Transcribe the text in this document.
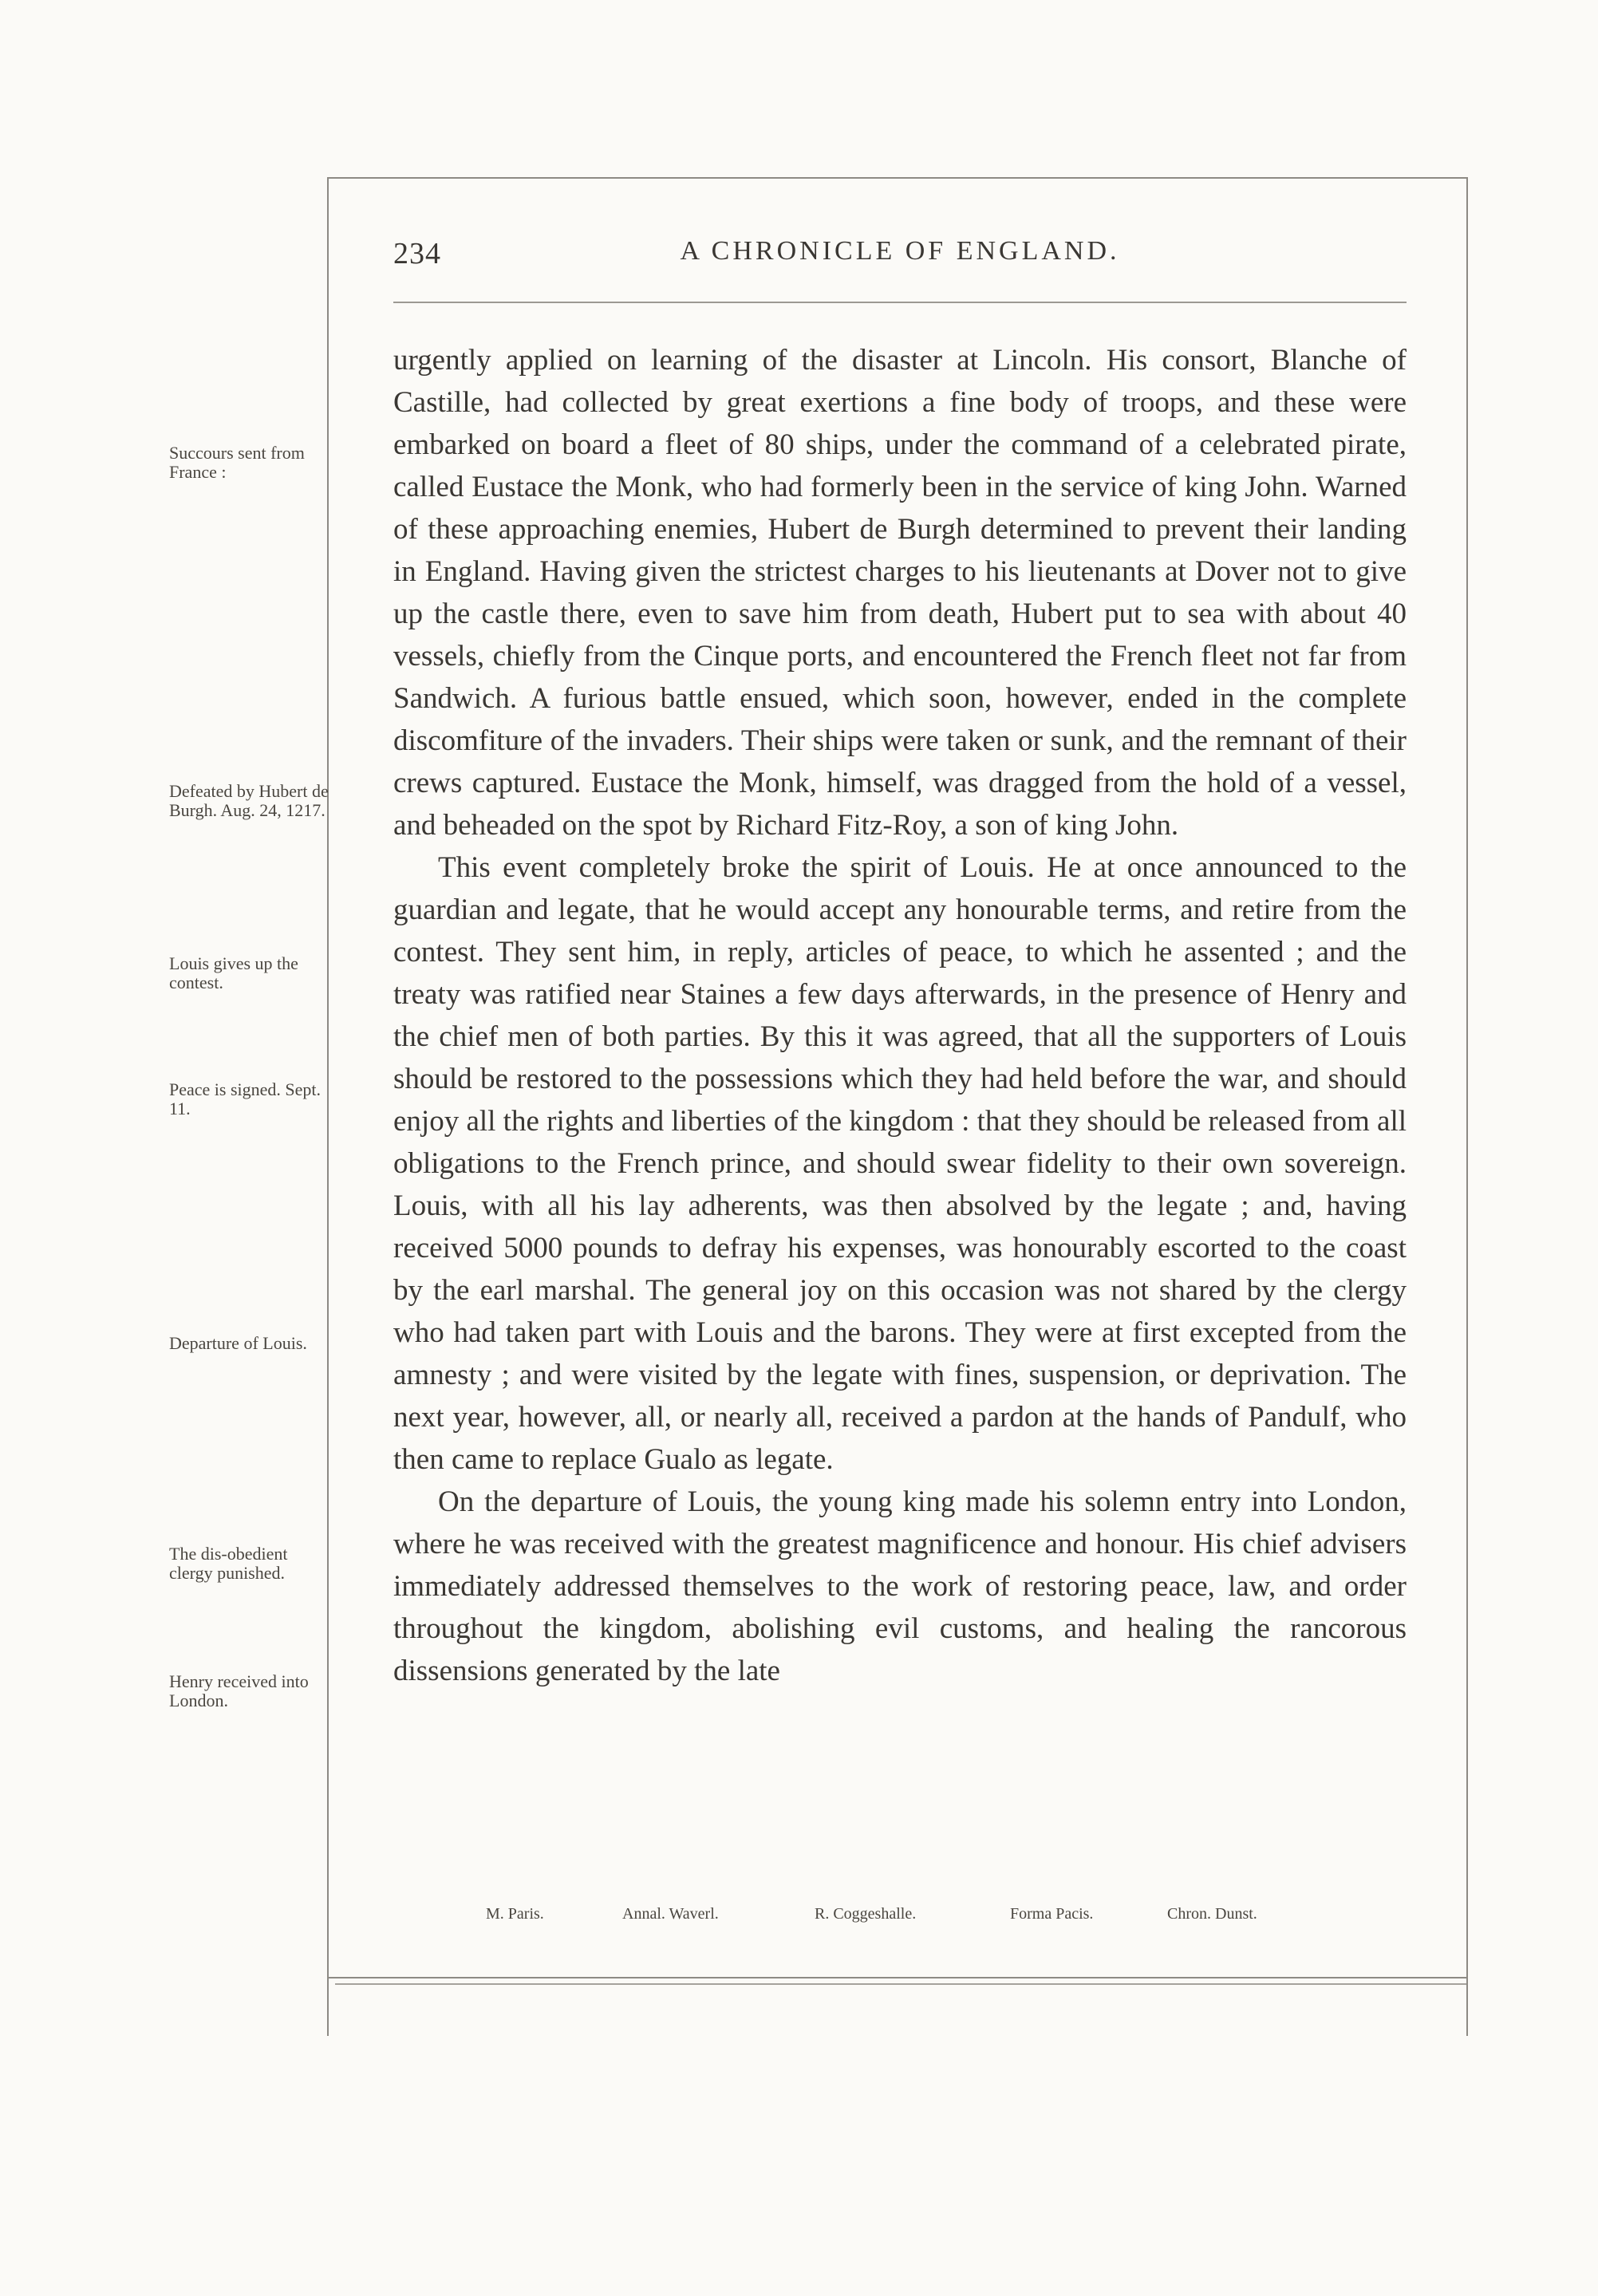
234	A CHRONICLE OF ENGLAND.
Succours sent from France :
Defeated by Hubert de Burgh. Aug. 24, 1217.
Louis gives up the contest.
Peace is signed. Sept. 11.
Departure of Louis.
The dis-obedient clergy punished.
Henry received into London.

urgently applied on learning of the disaster at Lincoln. His consort, Blanche of Castille, had collected by great exertions a fine body of troops, and these were embarked on board a fleet of 80 ships, under the command of a celebrated pirate, called Eustace the Monk, who had formerly been in the service of king John. Warned of these approaching enemies, Hubert de Burgh determined to prevent their landing in England. Having given the strictest charges to his lieutenants at Dover not to give up the castle there, even to save him from death, Hubert put to sea with about 40 vessels, chiefly from the Cinque ports, and encountered the French fleet not far from Sandwich. A furious battle ensued, which soon, however, ended in the complete discomfiture of the invaders. Their ships were taken or sunk, and the remnant of their crews captured. Eustace the Monk, himself, was dragged from the hold of a vessel, and beheaded on the spot by Richard Fitz-Roy, a son of king John.

This event completely broke the spirit of Louis. He at once announced to the guardian and legate, that he would accept any honourable terms, and retire from the contest. They sent him, in reply, articles of peace, to which he assented ; and the treaty was ratified near Staines a few days afterwards, in the presence of Henry and the chief men of both parties. By this it was agreed, that all the supporters of Louis should be restored to the possessions which they had held before the war, and should enjoy all the rights and liberties of the kingdom : that they should be released from all obligations to the French prince, and should swear fidelity to their own sovereign. Louis, with all his lay adherents, was then absolved by the legate ; and, having received 5000 pounds to defray his expenses, was honourably escorted to the coast by the earl marshal. The general joy on this occasion was not shared by the clergy who had taken part with Louis and the barons. They were at first excepted from the amnesty ; and were visited by the legate with fines, suspension, or deprivation. The next year, however, all, or nearly all, received a pardon at the hands of Pandulf, who then came to replace Gualo as legate.

On the departure of Louis, the young king made his solemn entry into London, where he was received with the greatest magnificence and honour. His chief advisers immediately addressed themselves to the work of restoring peace, law, and order throughout the kingdom, abolishing evil customs, and healing the rancorous dissensions generated by the late

M. Paris.	Annal. Waverl.	R. Coggeshalle.	Forma Pacis.	Chron. Dunst.
